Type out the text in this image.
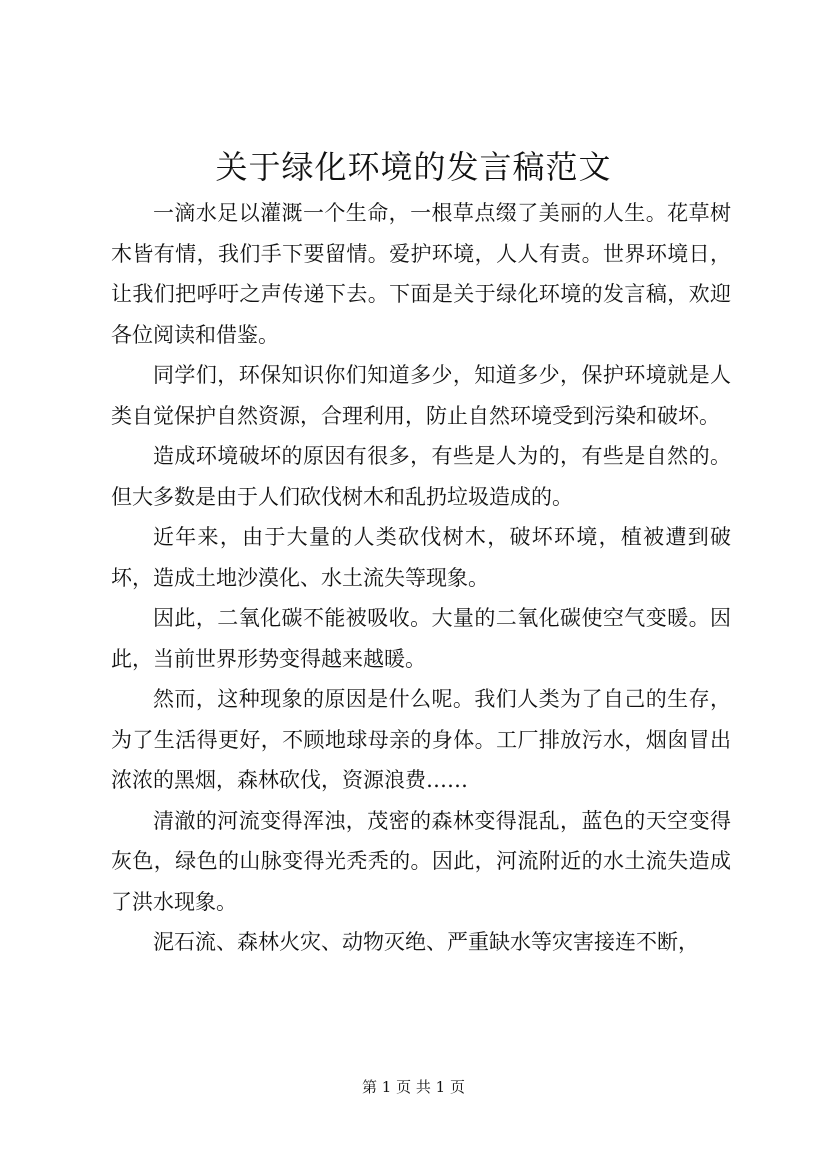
关于绿化环境的发言稿范文

一滴水足以灌溉一个生命，一根草点缀了美丽的人生。花草树木皆有情，我们手下要留情。爱护环境，人人有责。世界环境日，让我们把呼吁之声传递下去。下面是关于绿化环境的发言稿，欢迎各位阅读和借鉴。

同学们，环保知识你们知道多少，知道多少，保护环境就是人类自觉保护自然资源，合理利用，防止自然环境受到污染和破坏。

造成环境破坏的原因有很多，有些是人为的，有些是自然的。但大多数是由于人们砍伐树木和乱扔垃圾造成的。

近年来，由于大量的人类砍伐树木，破坏环境，植被遭到破坏，造成土地沙漠化、水土流失等现象。

因此，二氧化碳不能被吸收。大量的二氧化碳使空气变暖。因此，当前世界形势变得越来越暖。

然而，这种现象的原因是什么呢。我们人类为了自己的生存，为了生活得更好，不顾地球母亲的身体。工厂排放污水，烟囱冒出浓浓的黑烟，森林砍伐，资源浪费……

清澈的河流变得浑浊，茂密的森林变得混乱，蓝色的天空变得灰色，绿色的山脉变得光秃秃的。因此，河流附近的水土流失造成了洪水现象。

泥石流、森林火灾、动物灭绝、严重缺水等灾害接连不断，

第 1 页 共 1 页
